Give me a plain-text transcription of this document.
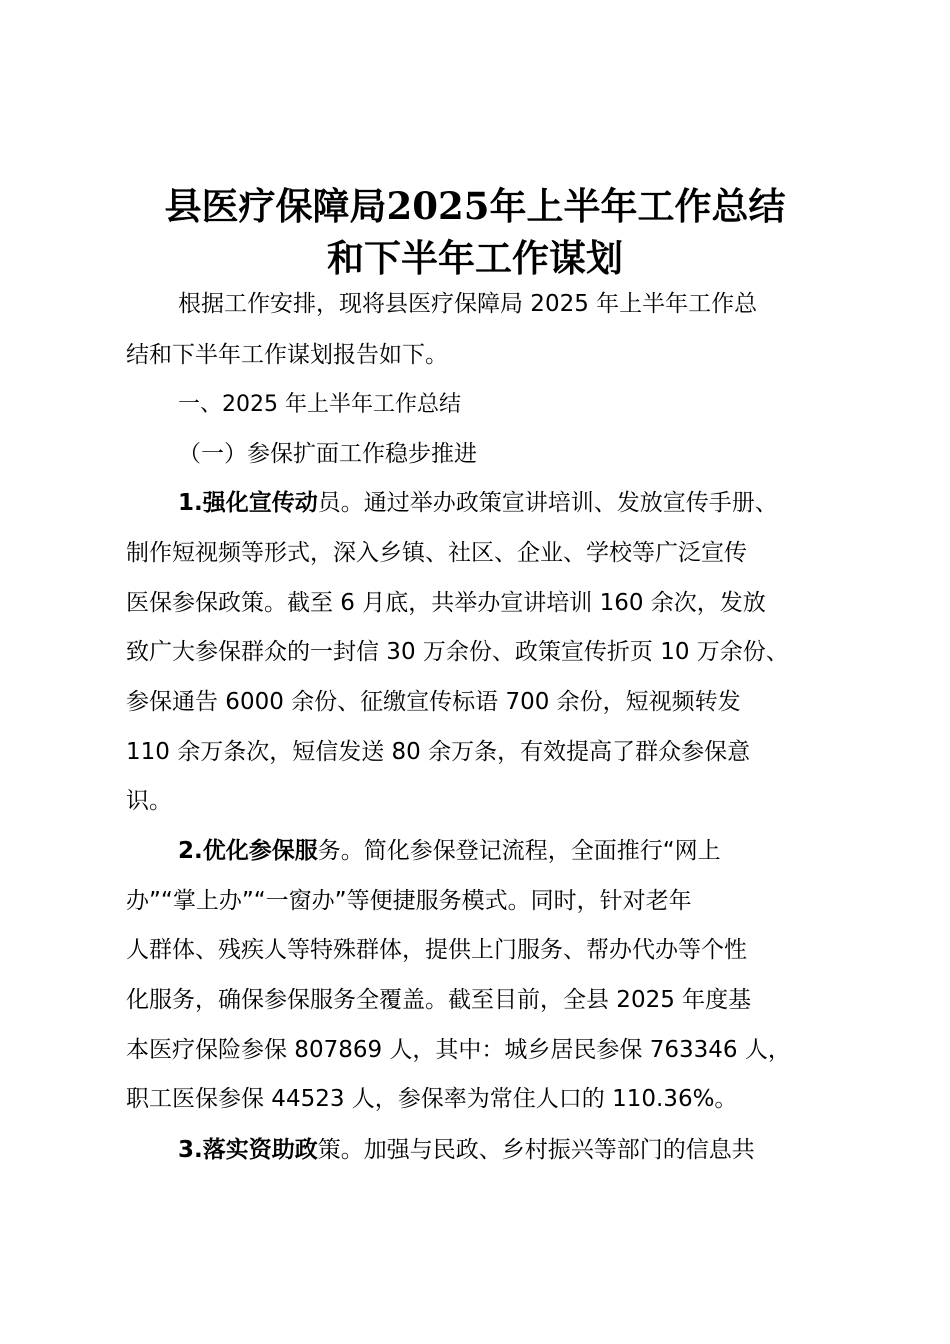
县医疗保障局2025年上半年工作总结
和下半年工作谋划
根据工作安排，现将县医疗保障局 2025 年上半年工作总
结和下半年工作谋划报告如下。
一、2025 年上半年工作总结
（一）参保扩面工作稳步推进
1.强化宣传动员。通过举办政策宣讲培训、发放宣传手册、
制作短视频等形式，深入乡镇、社区、企业、学校等广泛宣传
医保参保政策。截至 6 月底，共举办宣讲培训 160 余次，发放
致广大参保群众的一封信 30 万余份、政策宣传折页 10 万余份、
参保通告 6000 余份、征缴宣传标语 700 余份，短视频转发
110 余万条次，短信发送 80 余万条，有效提高了群众参保意
识。
2.优化参保服务。简化参保登记流程，全面推行“网上
办”“掌上办”“一窗办”等便捷服务模式。同时，针对老年
人群体、残疾人等特殊群体，提供上门服务、帮办代办等个性
化服务，确保参保服务全覆盖。截至目前，全县 2025 年度基
本医疗保险参保 807869 人，其中：城乡居民参保 763346 人，
职工医保参保 44523 人，参保率为常住人口的 110.36%。
3.落实资助政策。加强与民政、乡村振兴等部门的信息共
